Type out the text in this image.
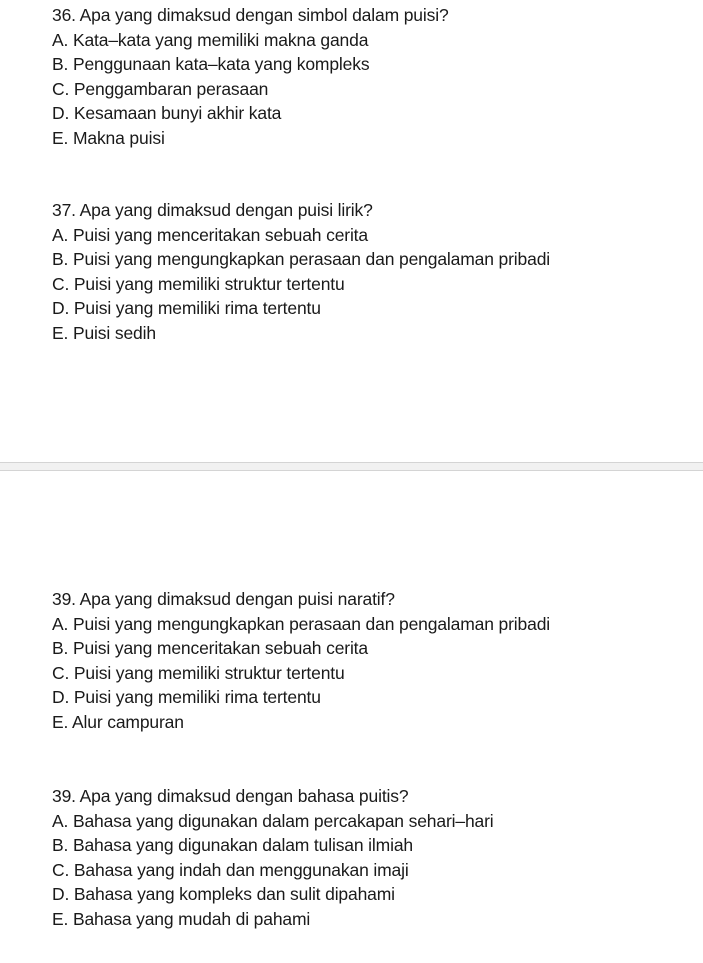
36. Apa yang dimaksud dengan simbol dalam puisi?
A. Kata–kata yang memiliki makna ganda
B. Penggunaan kata–kata yang kompleks
C. Penggambaran perasaan
D. Kesamaan bunyi akhir kata
E. Makna puisi
37. Apa yang dimaksud dengan puisi lirik?
A. Puisi yang menceritakan sebuah cerita
B. Puisi yang mengungkapkan perasaan dan pengalaman pribadi
C. Puisi yang memiliki struktur tertentu
D. Puisi yang memiliki rima tertentu
E. Puisi sedih
39. Apa yang dimaksud dengan puisi naratif?
A. Puisi yang mengungkapkan perasaan dan pengalaman pribadi
B. Puisi yang menceritakan sebuah cerita
C. Puisi yang memiliki struktur tertentu
D. Puisi yang memiliki rima tertentu
E. Alur campuran
39. Apa yang dimaksud dengan bahasa puitis?
A. Bahasa yang digunakan dalam percakapan sehari–hari
B. Bahasa yang digunakan dalam tulisan ilmiah
C. Bahasa yang indah dan menggunakan imaji
D. Bahasa yang kompleks dan sulit dipahami
E. Bahasa yang mudah di pahami
